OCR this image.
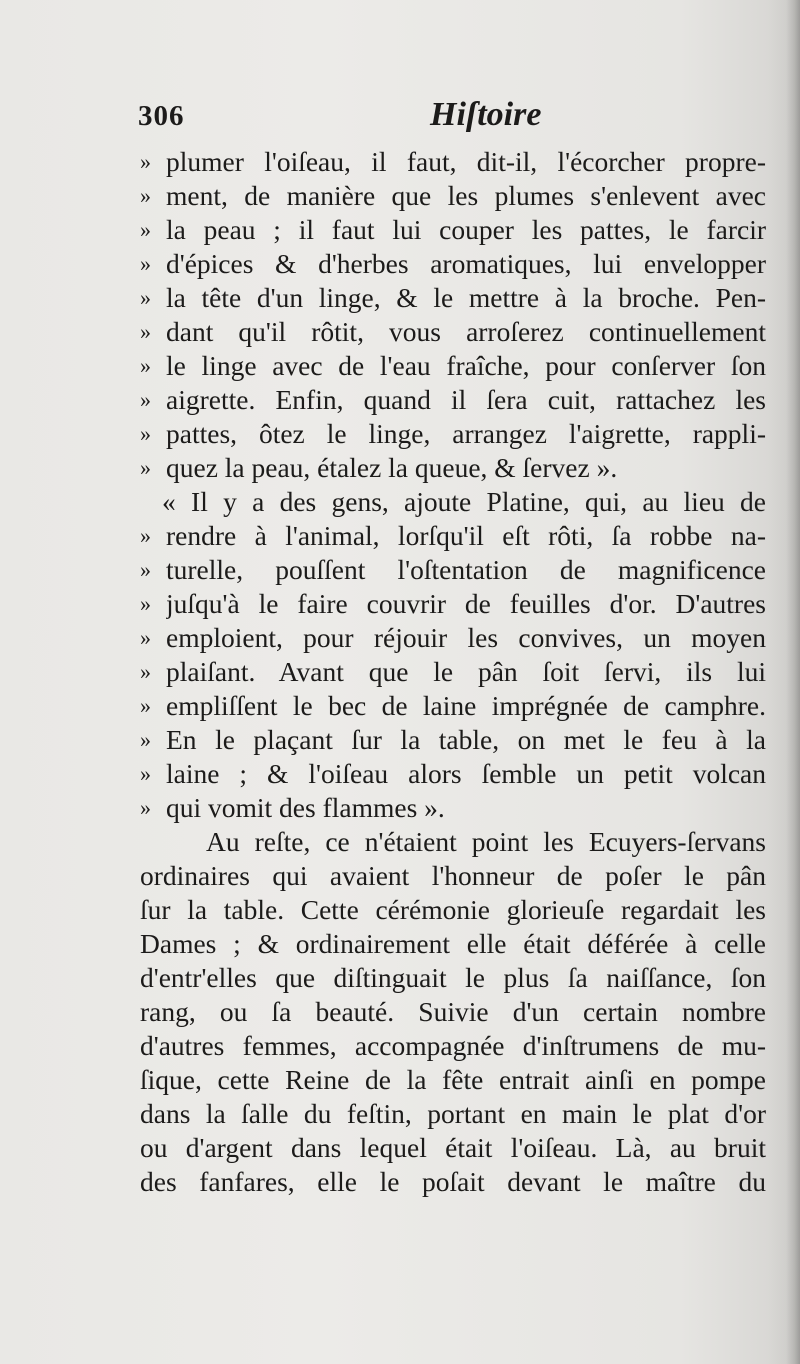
306	Hiſtoire
» plumer l'oiſeau, il faut, dit-il, l'écorcher propre-
» ment, de manière que les plumes s'enlevent avec
» la peau ; il faut lui couper les pattes, le farcir
» d'épices & d'herbes aromatiques, lui envelopper
» la tête d'un linge, & le mettre à la broche. Pen-
» dant qu'il rôtit, vous arroſerez continuellement
» le linge avec de l'eau fraîche, pour conſerver ſon
» aigrette. Enfin, quand il ſera cuit, rattachez les
» pattes, ôtez le linge, arrangez l'aigrette, rappli-
» quez la peau, étalez la queue, & ſervez ».
« Il y a des gens, ajoute Platine, qui, au lieu de
» rendre à l'animal, lorſqu'il eſt rôti, ſa robbe na-
» turelle, pouſſent l'oſtentation de magnificence
» juſqu'à le faire couvrir de feuilles d'or. D'autres
» emploient, pour réjouir les convives, un moyen
» plaiſant. Avant que le pân ſoit ſervi, ils lui
» empliſſent le bec de laine imprégnée de camphre.
» En le plaçant ſur la table, on met le feu à la
» laine ; & l'oiſeau alors ſemble un petit volcan
» qui vomit des flammes ».
Au reſte, ce n'étaient point les Ecuyers-ſervans
ordinaires qui avaient l'honneur de poſer le pân
ſur la table. Cette cérémonie glorieuſe regardait les
Dames ; & ordinairement elle était déférée à celle
d'entr'elles que diſtinguait le plus ſa naiſſance, ſon
rang, ou ſa beauté. Suivie d'un certain nombre
d'autres femmes, accompagnée d'inſtrumens de mu-
ſique, cette Reine de la fête entrait ainſi en pompe
dans la ſalle du feſtin, portant en main le plat d'or
ou d'argent dans lequel était l'oiſeau. Là, au bruit
des fanfares, elle le poſait devant le maître du
